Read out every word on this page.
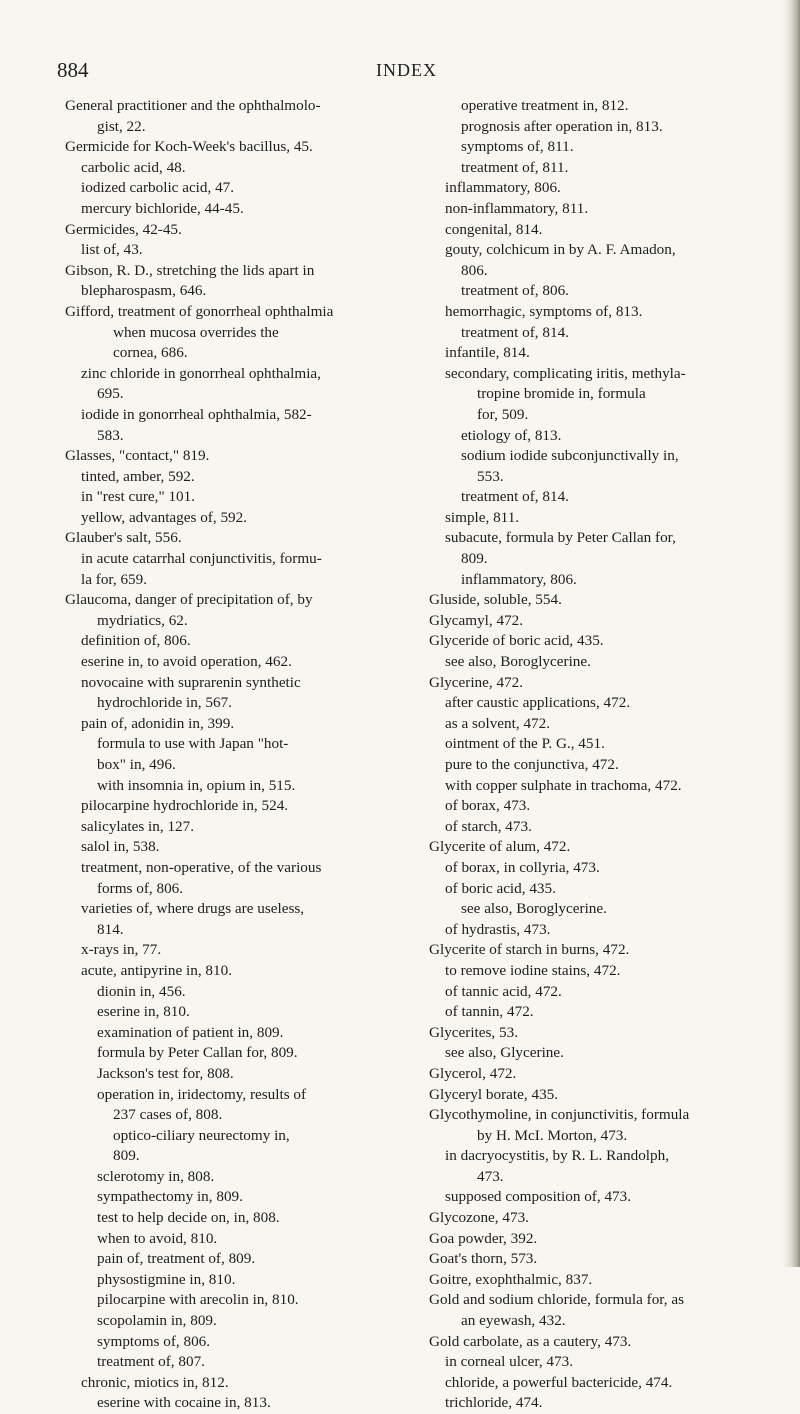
884	INDEX
General practitioner and the ophthalmolo-
gist, 22.
Germicide for Koch-Week's bacillus, 45.
carbolic acid, 48.
iodized carbolic acid, 47.
mercury bichloride, 44-45.
Germicides, 42-45.
list of, 43.
Gibson, R. D., stretching the lids apart in
blepharospasm, 646.
Gifford, treatment of gonorrheal ophthalmia
when mucosa overrides the
cornea, 686.
zinc chloride in gonorrheal ophthalmia,
695.
iodide in gonorrheal ophthalmia, 582-
583.
Glasses, "contact," 819.
tinted, amber, 592.
in "rest cure," 101.
yellow, advantages of, 592.
Glauber's salt, 556.
in acute catarrhal conjunctivitis, formu-
la for, 659.
Glaucoma, danger of precipitation of, by
mydriatics, 62.
definition of, 806.
eserine in, to avoid operation, 462.
novocaine with suprarenin synthetic
hydrochloride in, 567.
pain of, adonidin in, 399.
formula to use with Japan "hot-
box" in, 496.
with insomnia in, opium in, 515.
pilocarpine hydrochloride in, 524.
salicylates in, 127.
salol in, 538.
treatment, non-operative, of the various
forms of, 806.
varieties of, where drugs are useless,
814.
x-rays in, 77.
acute, antipyrine in, 810.
dionin in, 456.
eserine in, 810.
examination of patient in, 809.
formula by Peter Callan for, 809.
Jackson's test for, 808.
operation in, iridectomy, results of
237 cases of, 808.
optico-ciliary neurectomy in,
809.
sclerotomy in, 808.
sympathectomy in, 809.
test to help decide on, in, 808.
when to avoid, 810.
pain of, treatment of, 809.
physostigmine in, 810.
pilocarpine with arecolin in, 810.
scopolamin in, 809.
symptoms of, 806.
treatment of, 807.
chronic, miotics in, 812.
eserine with cocaine in, 813.
operative treatment in, 812.
prognosis after operation in, 813.
symptoms of, 811.
treatment of, 811.
inflammatory, 806.
non-inflammatory, 811.
congenital, 814.
gouty, colchicum in by A. F. Amadon,
806.
treatment of, 806.
hemorrhagic, symptoms of, 813.
treatment of, 814.
infantile, 814.
secondary, complicating iritis, methyla-
tropine bromide in, formula
for, 509.
etiology of, 813.
sodium iodide subconjunctivally in,
553.
treatment of, 814.
simple, 811.
subacute, formula by Peter Callan for,
809.
inflammatory, 806.
Gluside, soluble, 554.
Glycamyl, 472.
Glyceride of boric acid, 435.
see also, Boroglycerine.
Glycerine, 472.
after caustic applications, 472.
as a solvent, 472.
ointment of the P. G., 451.
pure to the conjunctiva, 472.
with copper sulphate in trachoma, 472.
of borax, 473.
of starch, 473.
Glycerite of alum, 472.
of borax, in collyria, 473.
of boric acid, 435.
see also, Boroglycerine.
of hydrastis, 473.
Glycerite of starch in burns, 472.
to remove iodine stains, 472.
of tannic acid, 472.
of tannin, 472.
Glycerites, 53.
see also, Glycerine.
Glycerol, 472.
Glyceryl borate, 435.
Glycothymoline, in conjunctivitis, formula
by H. McI. Morton, 473.
in dacryocystitis, by R. L. Randolph,
473.
supposed composition of, 473.
Glycozone, 473.
Goa powder, 392.
Goat's thorn, 573.
Goitre, exophthalmic, 837.
Gold and sodium chloride, formula for, as
an eyewash, 432.
Gold carbolate, as a cautery, 473.
in corneal ulcer, 473.
chloride, a powerful bactericide, 474.
trichloride, 474.
